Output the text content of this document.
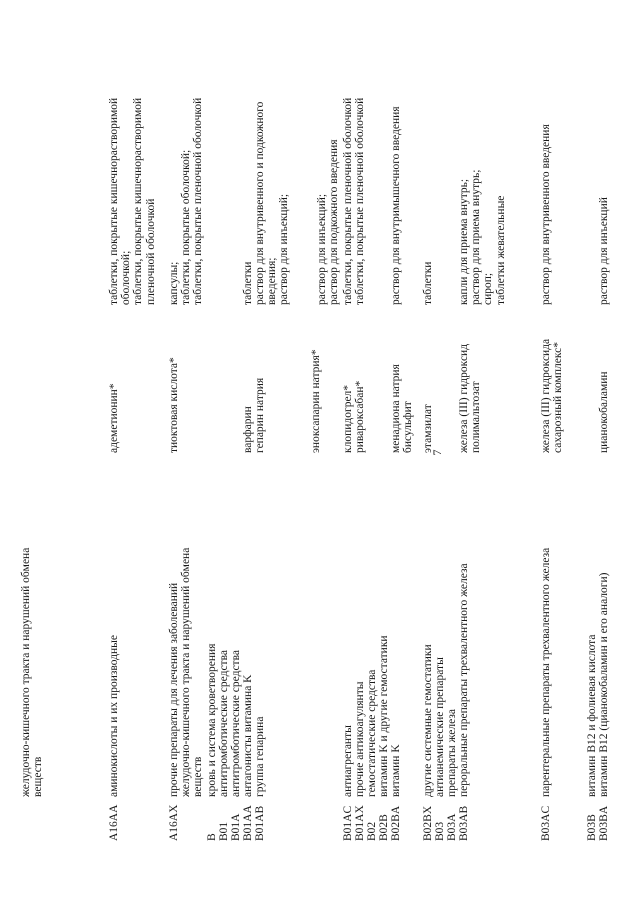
желудочно-кишечного тракта и нарушений обмена веществ
A16AA
аминокислоты и их производные
адеметионин*
таблетки, покрытые кишечнорастворимой оболочкой; таблетки, покрытые кишечнорастворимой пленочной оболочкой
A16AX
прочие препараты для лечения заболеваний желудочно-кишечного тракта и нарушений обмена веществ
тиоктовая кислота*
капсулы; таблетки, покрытые оболочкой; таблетки, покрытые пленочной оболочкой
B
кровь и система кроветворения
B01
антитромботические средства
B01A
антитромботические средства
B01AA
антагонисты витамина K
варфарин
таблетки
B01AB
группа гепарина
гепарин натрия
раствор для внутривенного и подкожного введения; раствор для инъекций;
эноксапарин натрия*
раствор для инъекций; раствор для подкожного введения
B01AC
антиагреганты
клопидогрел*
таблетки, покрытые пленочной оболочкой
B01AX
прочие антикоагулянты
ривароксабан*
таблетки, покрытые пленочной оболочкой
B02
гемостатические средства
B02B
витамин K и другие гемостатики
B02BA
витамин K
менадиона натрия бисульфит
раствор для внутримышечного введения
B02BX
другие системные гемостатики
этамзилат
таблетки
B03
антианемические препараты
B03A
препараты железа
B03AB
пероральные препараты трехвалентного железа
железа (III) гидроксид полимальтозат
капли для приема внутрь; раствор для приема внутрь; сироп; таблетки жевательные
B03AC
парентеральные препараты трехвалентного железа
железа (III) гидроксида сахарозный комплекс*
раствор для внутривенного введения
B03B
витамин B12 и фолиевая кислота
B03BA
витамин B12 (цианокобаламин и его аналоги)
цианокобаламин
раствор для инъекций
7
